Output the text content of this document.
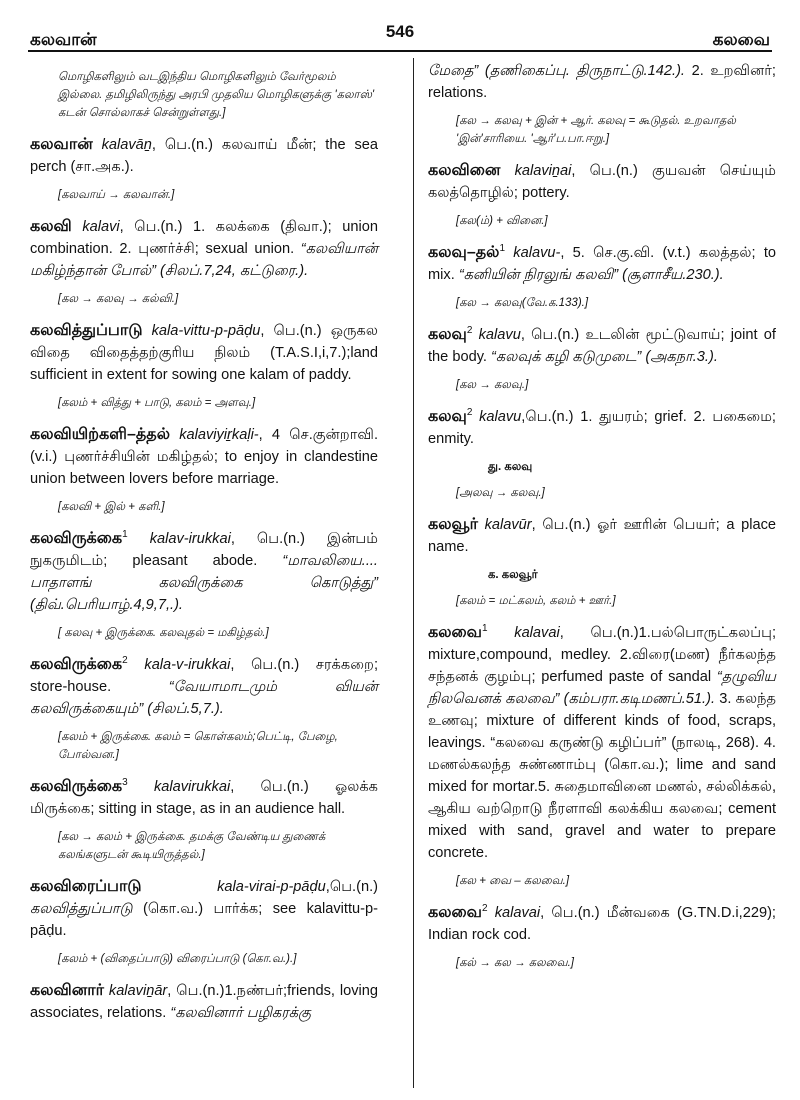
கலவான்	546	கலவை

மொழிகளிலும் வடஇந்திய மொழிகளிலும் வேர்மூலம் இல்லை. தமிழிலிருந்து அரபி முதலிய மொழிகளுக்கு 'கலாஸ்' கடன் சொல்லாகச் சென்றுள்ளது.]

கலவான் kalavāṉ, பெ.(n.) கலவாய் மீன்; the sea perch (சா.அக.).

[கலவாய் → கலவான்.]

கலவி kalavi, பெ.(n.) 1. கலக்கை (திவா.); union combination. 2. புணர்ச்சி; sexual union. “கலவியான் மகிழ்ந்தான் போல்” (சிலப்.7,24, கட்டுரை.).

[கல → கலவு → கல்வி.]

கலவித்துப்பாடு kala-vittu-p-pāḍu, பெ.(n.) ஒருகல விதை விதைத்தற்குரிய நிலம் (T.A.S.I,i,7.);land sufficient in extent for sowing one kalam of paddy.

[கலம் + வித்து + பாடு, கலம் = அளவு.]

கலவியிற்களி–த்தல் kalaviyiṟkaḷi-, 4 செ.குன்றாவி.(v.i.) புணர்ச்சியின் மகிழ்தல்; to enjoy in clandestine union between lovers before marriage.

[கலவி + இல் + களி.]

கலவிருக்கை$^1$ kalav-irukkai, பெ.(n.) இன்பம் நுகருமிடம்; pleasant abode. “மாவலியை.... பாதாளங் கலவிருக்கை கொடுத்து” (திவ்.பெரியாழ்.4,9,7,.).

[ கலவு + இருக்கை. கலவுதல் = மகிழ்தல்.]

கலவிருக்கை$^2$ kala-v-irukkai, பெ.(n.) சரக்கறை; store-house. “வேயாமாடமும் வியன் கலவிருக்கையும்” (சிலப்.5,7.).

[கலம் + இருக்கை. கலம் = கொள்கலம்;பெட்டி, பேழை, போல்வன.]

கலவிருக்கை$^3$ kalavirukkai, பெ.(n.) ஓலக்க மிருக்கை; sitting in stage, as in an audience hall.

[கல → கலம் + இருக்கை. தமக்கு வேண்டிய துணைக் கலங்களுடன் கூடியிருத்தல்.]

கலவிரைப்பாடு	kala-virai-p-pāḍu,பெ.(n.) கலவித்துப்பாடு (கொ.வ.) பார்க்க; see kalavittu-p-pāḍu.

[கலம் + (விதைப்பாடு) விரைப்பாடு (கொ.வ.).]

கலவினார் kalaviṉār, பெ.(n.)1.நண்பர்;friends, loving associates, relations. “கலவினார் பழிகரக்கு

மேதை” (தணிகைப்பு. திருநாட்டு.142.). 2. உறவினர்; relations.

[கல → கலவு + இன் + ஆர். கலவு = கூடுதல். உறவாதல் 'இன்'சாரியை. 'ஆர்'ப.பா.ஈறு.]

கலவினை kalaviṉai, பெ.(n.) குயவன் செய்யும் கலத்தொழில்; pottery.

[கல(ம்) + வினை.]

கலவு–தல்$^1$ kalavu-, 5. செ.கு.வி. (v.t.) கலத்தல்; to mix. “கனியின் நிரலுங் கலவி” (சூளாசீய.230.).

[கல → கலவு(வே.க.133).]

கலவு$^2$ kalavu, பெ.(n.) உடலின் மூட்டுவாய்; joint of the body. “கலவுக் கழி கடுமுடை” (அகநா.3.).

[கல → கலவு.]

கலவு$^2$ kalavu,பெ.(n.) 1. துயரம்; grief. 2. பகைமை; enmity.

து. கலவு

[அலவு → கலவு.]

கலவூர் kalavūr, பெ.(n.) ஓர் ஊரின் பெயர்; a place name.

க. கலவூர்

[கலம் = மட்கலம், கலம் + ஊர்.]

கலவை$^1$ kalavai, பெ.(n.)1.பல்பொருட்கலப்பு; mixture,compound, medley. 2.விரை(மண) நீர்கலந்த சந்தனக் குழம்பு; perfumed paste of sandal “தழுவிய நிலவெனக் கலவை” (கம்பரா.கடிமணப்.51.). 3. கலந்த உணவு; mixture of different kinds of food, scraps, leavings. “கலவை கருண்டு கழிப்பர்” (நாலடி, 268). 4. மணல்கலந்த சுண்ணாம்பு (கொ.வ.); lime and sand mixed for mortar.5. சுதைமாவினை மணல், சல்லிக்கல், ஆகிய வற்றொடு நீரளாவி கலக்கிய கலவை; cement mixed with sand, gravel and water to prepare concrete.

[கல + வை – கலவை.]

கலவை$^2$ kalavai, பெ.(n.) மீன்வகை (G.TN.D.i,229); Indian rock cod.

[கல் → கல → கலவை.]
